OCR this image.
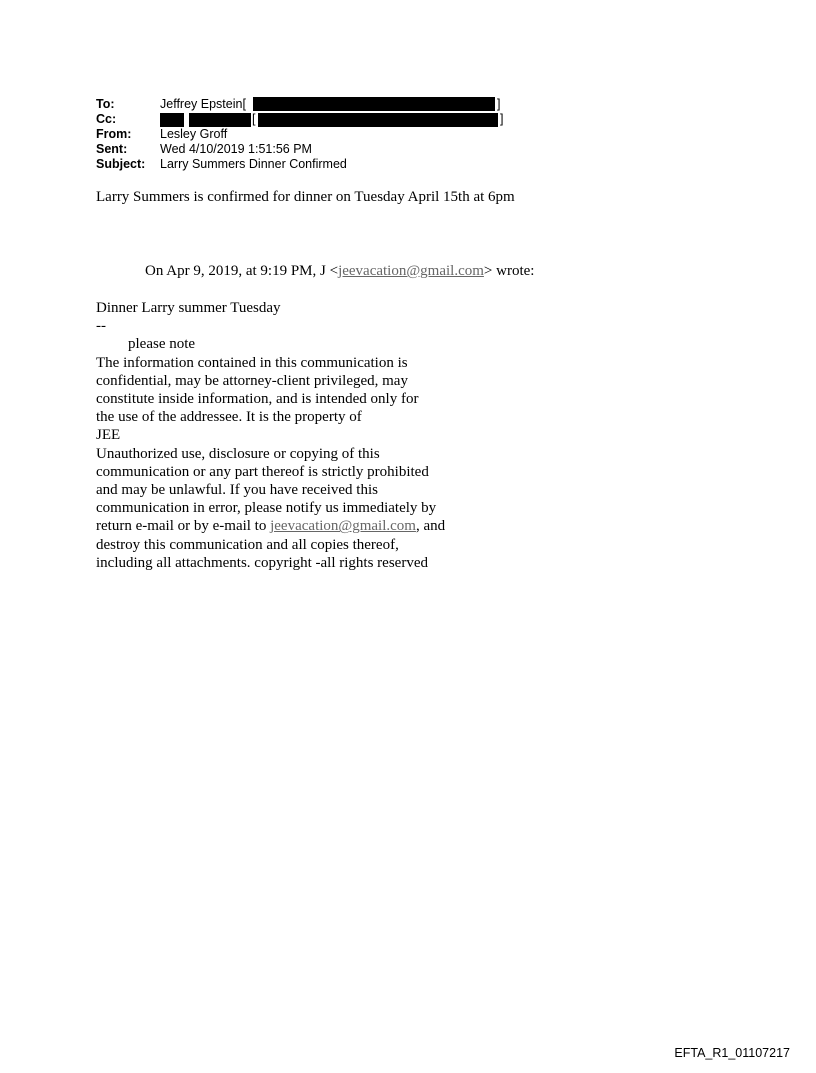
To:	Jeffrey Epstein[	]
Cc:	[	]
From: Lesley Groff
Sent:	Wed 4/10/2019 1:51:56 PM
Subject: Larry Summers Dinner Confirmed
Larry Summers is confirmed for dinner on Tuesday April 15th at 6pm
On Apr 9, 2019, at 9:19 PM, J <jeevacation@gmail.com> wrote:
Dinner Larry summer Tuesday
--
please note
The information contained in this communication is
confidential, may be attorney-client privileged, may
constitute inside information, and is intended only for
the use of the addressee. It is the property of
JEE
Unauthorized use, disclosure or copying of this
communication or any part thereof is strictly prohibited
and may be unlawful. If you have received this
communication in error, please notify us immediately by
return e-mail or by e-mail to jeevacation@gmail.com, and
destroy this communication and all copies thereof,
including all attachments. copyright -all rights reserved
EFTA_R1_01107217
